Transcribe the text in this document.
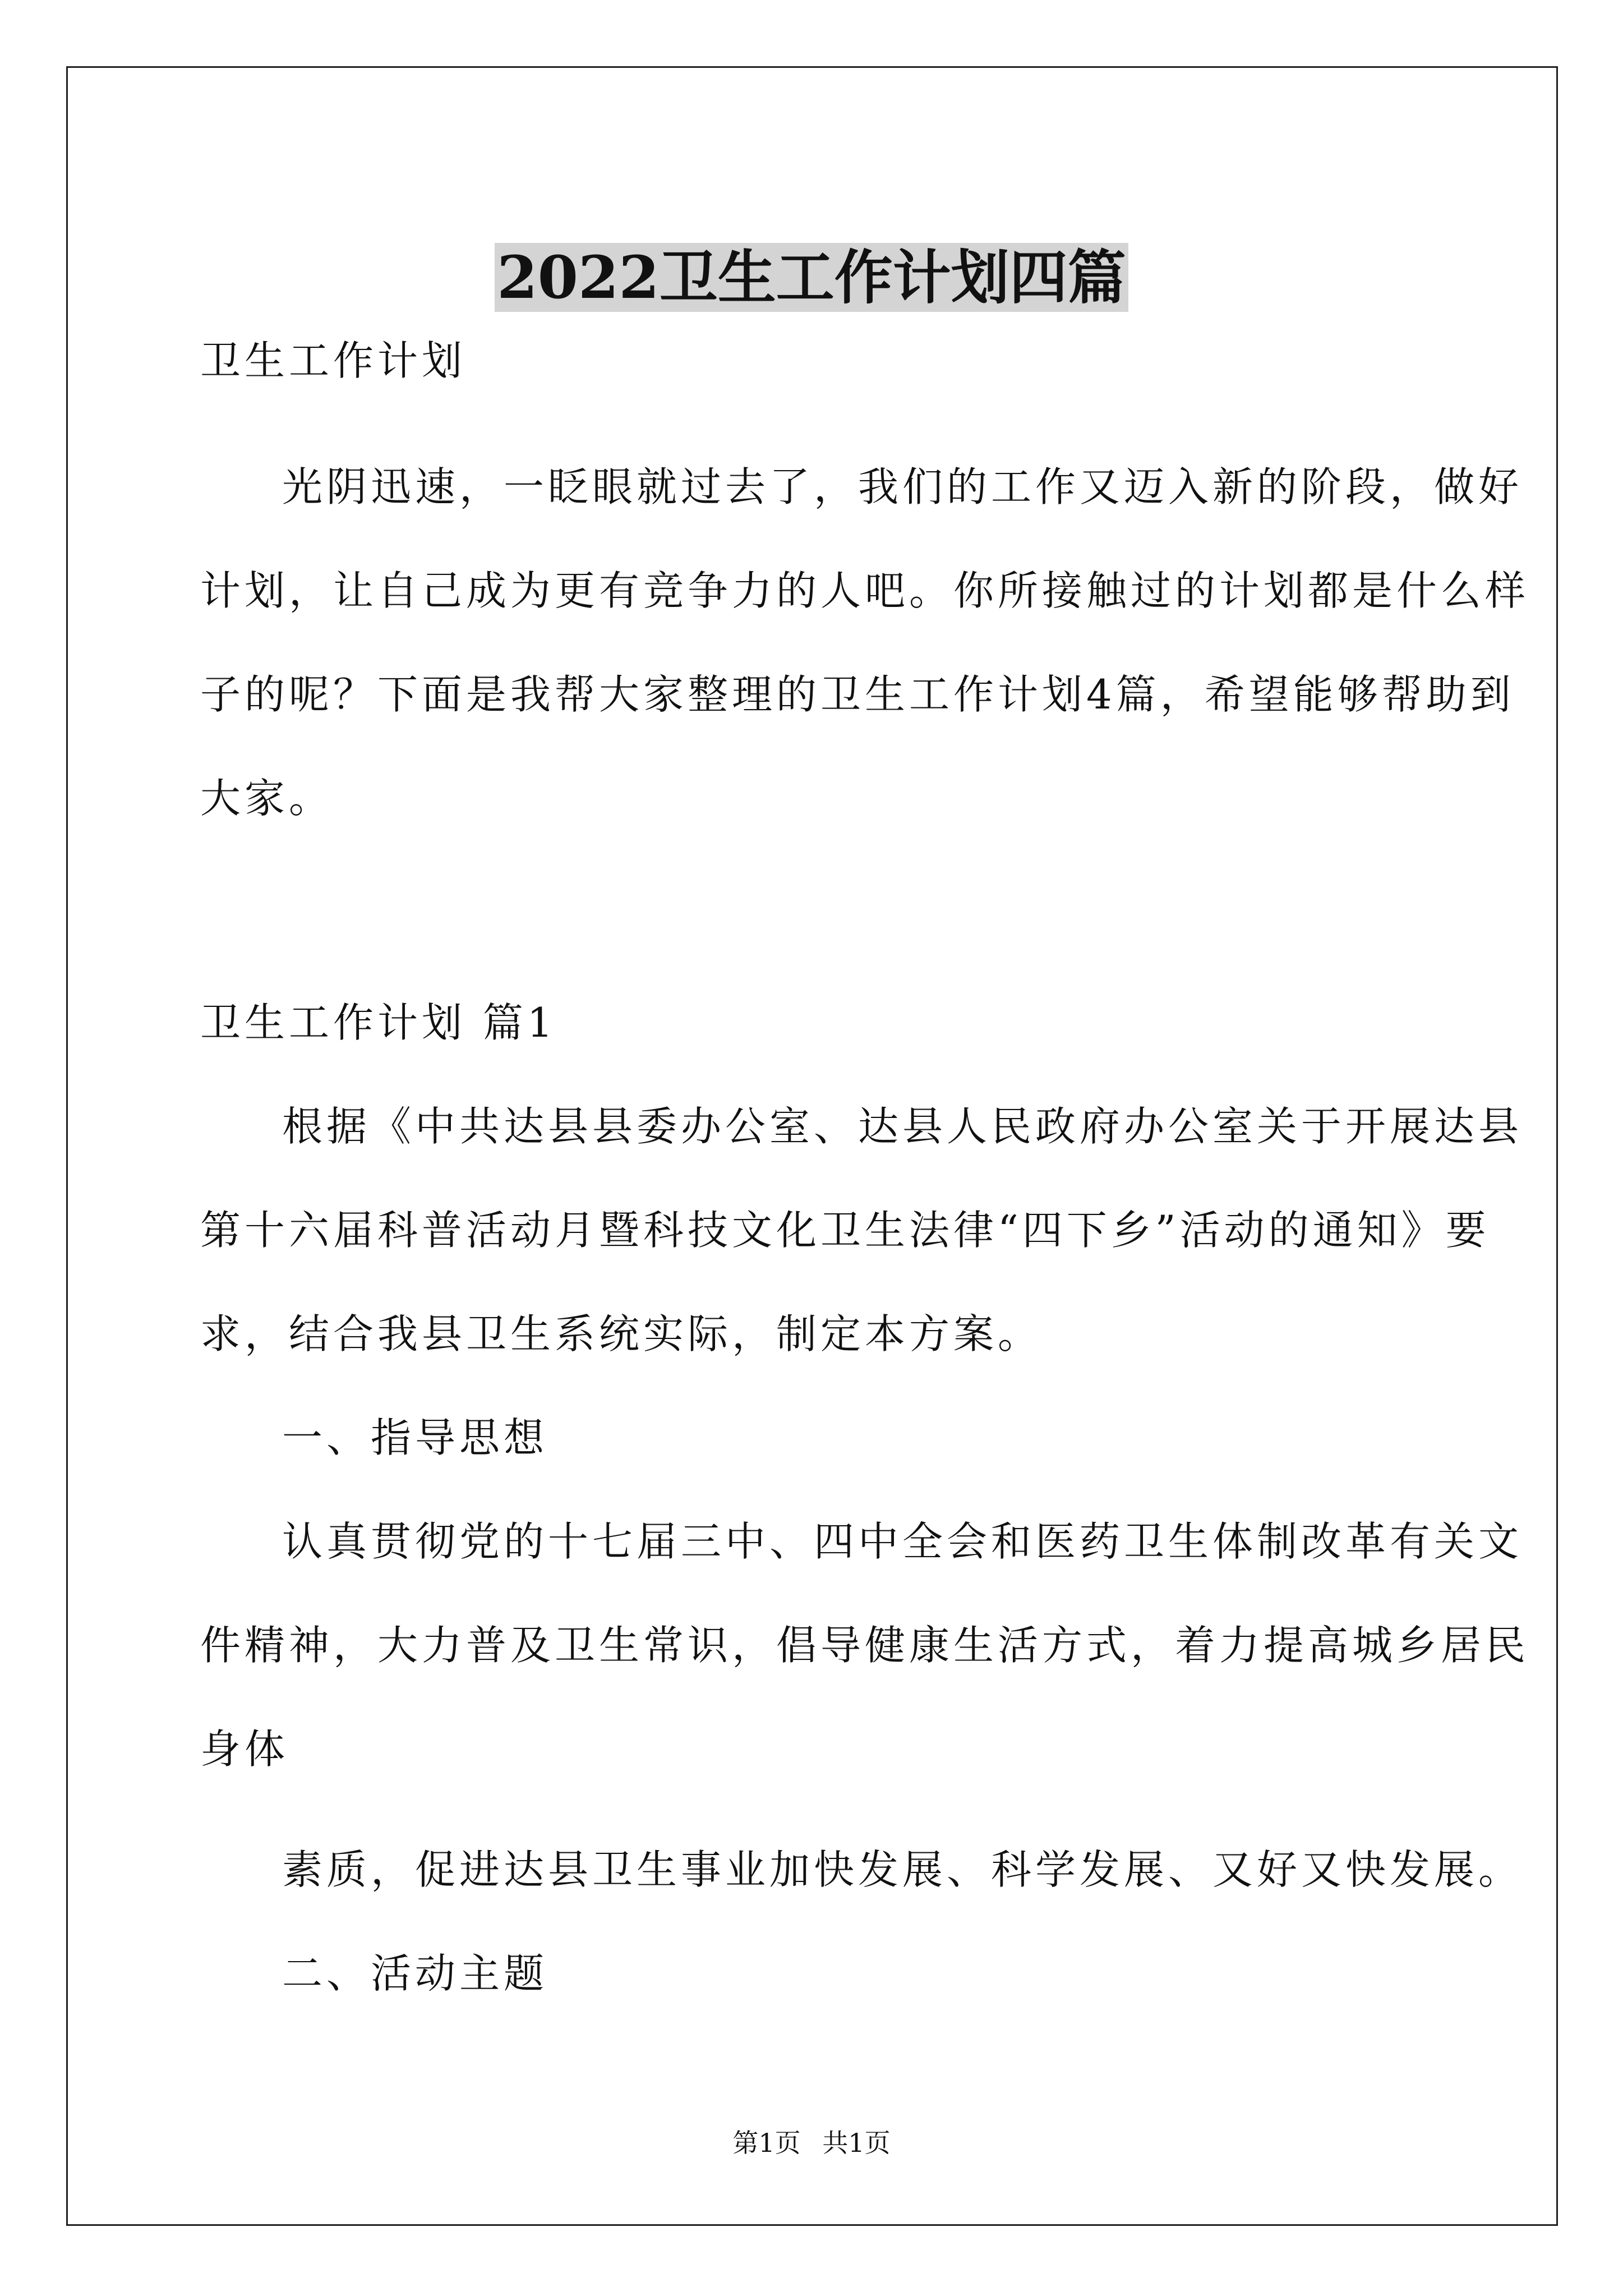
2022卫生工作计划四篇

卫生工作计划

光阴迅速，一眨眼就过去了，我们的工作又迈入新的阶段，做好

计划，让自己成为更有竞争力的人吧。你所接触过的计划都是什么样

子的呢？下面是我帮大家整理的卫生工作计划4篇，希望能够帮助到

大家。

卫生工作计划 篇1

根据《中共达县县委办公室、达县人民政府办公室关于开展达县

第十六届科普活动月暨科技文化卫生法律“四下乡”活动的通知》要

求，结合我县卫生系统实际，制定本方案。

一、指导思想

认真贯彻党的十七届三中、四中全会和医药卫生体制改革有关文

件精神，大力普及卫生常识，倡导健康生活方式，着力提高城乡居民

身体

素质，促进达县卫生事业加快发展、科学发展、又好又快发展。

二、活动主题

第1页 共1页
